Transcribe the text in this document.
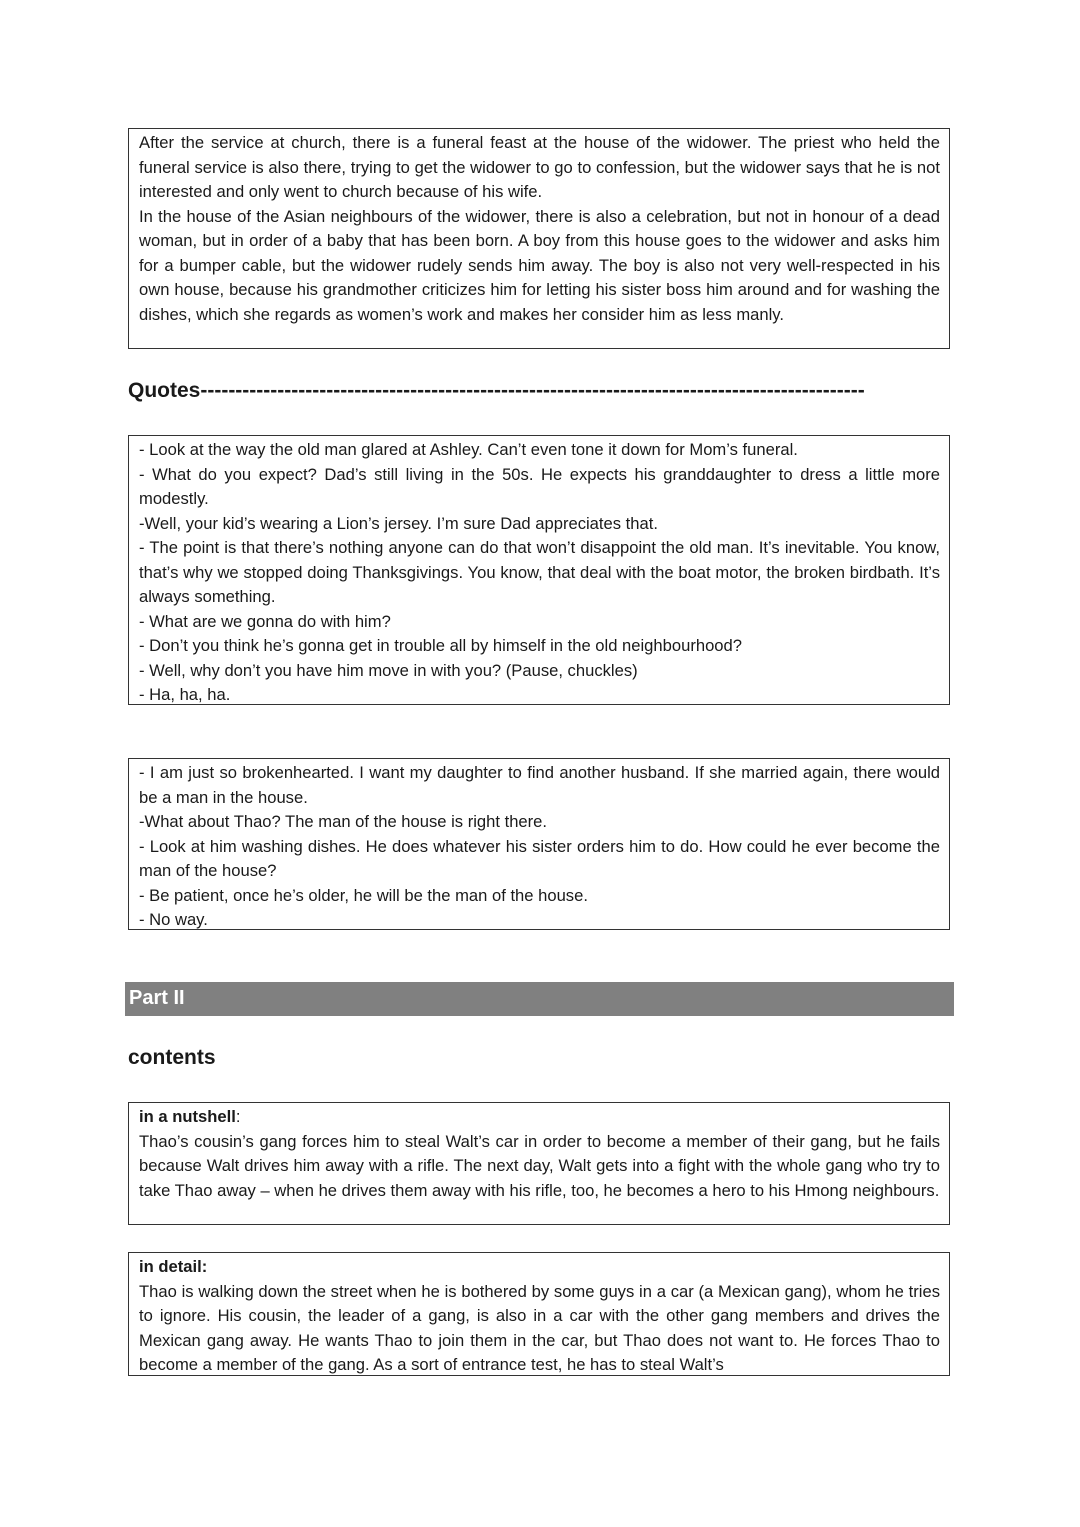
After the service at church, there is a funeral feast at the house of the widower. The priest who held the funeral service is also there, trying to get the widower to go to confession, but the widower says that he is not interested and only went to church because of his wife.

In the house of the Asian neighbours of the widower, there is also a celebration, but not in honour of a dead woman, but in order of a baby that has been born. A boy from this house goes to the widower and asks him for a bumper cable, but the widower rudely sends him away. The boy is also not very well-respected in his own house, because his grandmother criticizes him for letting his sister boss him around and for washing the dishes, which she regards as women’s work and makes her consider him as less manly.

Quotes-----------------------------------------------------------------------------------------------

- Look at the way the old man glared at Ashley. Can’t even tone it down for Mom’s funeral.

- What do you expect? Dad’s still living in the 50s. He expects his granddaughter to dress a little more modestly.

-Well, your kid’s wearing a Lion’s jersey. I’m sure Dad appreciates that.

- The point is that there’s nothing anyone can do that won’t disappoint the old man. It’s inevitable. You know, that’s why we stopped doing Thanksgivings. You know, that deal with the boat motor, the broken birdbath. It’s always something.

- What are we gonna do with him?

- Don’t you think he’s gonna get in trouble all by himself in the old neighbourhood?

- Well, why don’t you have him move in with you? (Pause, chuckles)

- Ha, ha, ha.

- I am just so brokenhearted. I want my daughter to find another husband. If she married again, there would be a man in the house.

-What about Thao? The man of the house is right there.

- Look at him washing dishes. He does whatever his sister orders him to do. How could he ever become the man of the house?

- Be patient, once he’s older, he will be the man of the house.

- No way.

Part II
contents

in a nutshell:

Thao’s cousin’s gang forces him to steal Walt’s car in order to become a member of their gang, but he fails because Walt drives him away with a rifle. The next day, Walt gets into a fight with the whole gang who try to take Thao away – when he drives them away with his rifle, too, he becomes a hero to his Hmong neighbours.

in detail:

Thao is walking down the street when he is bothered by some guys in a car (a Mexican gang), whom he tries to ignore. His cousin, the leader of a gang, is also in a car with the other gang members and drives the Mexican gang away. He wants Thao to join them in the car, but Thao does not want to. He forces Thao to become a member of the gang. As a sort of entrance test, he has to steal Walt’s
